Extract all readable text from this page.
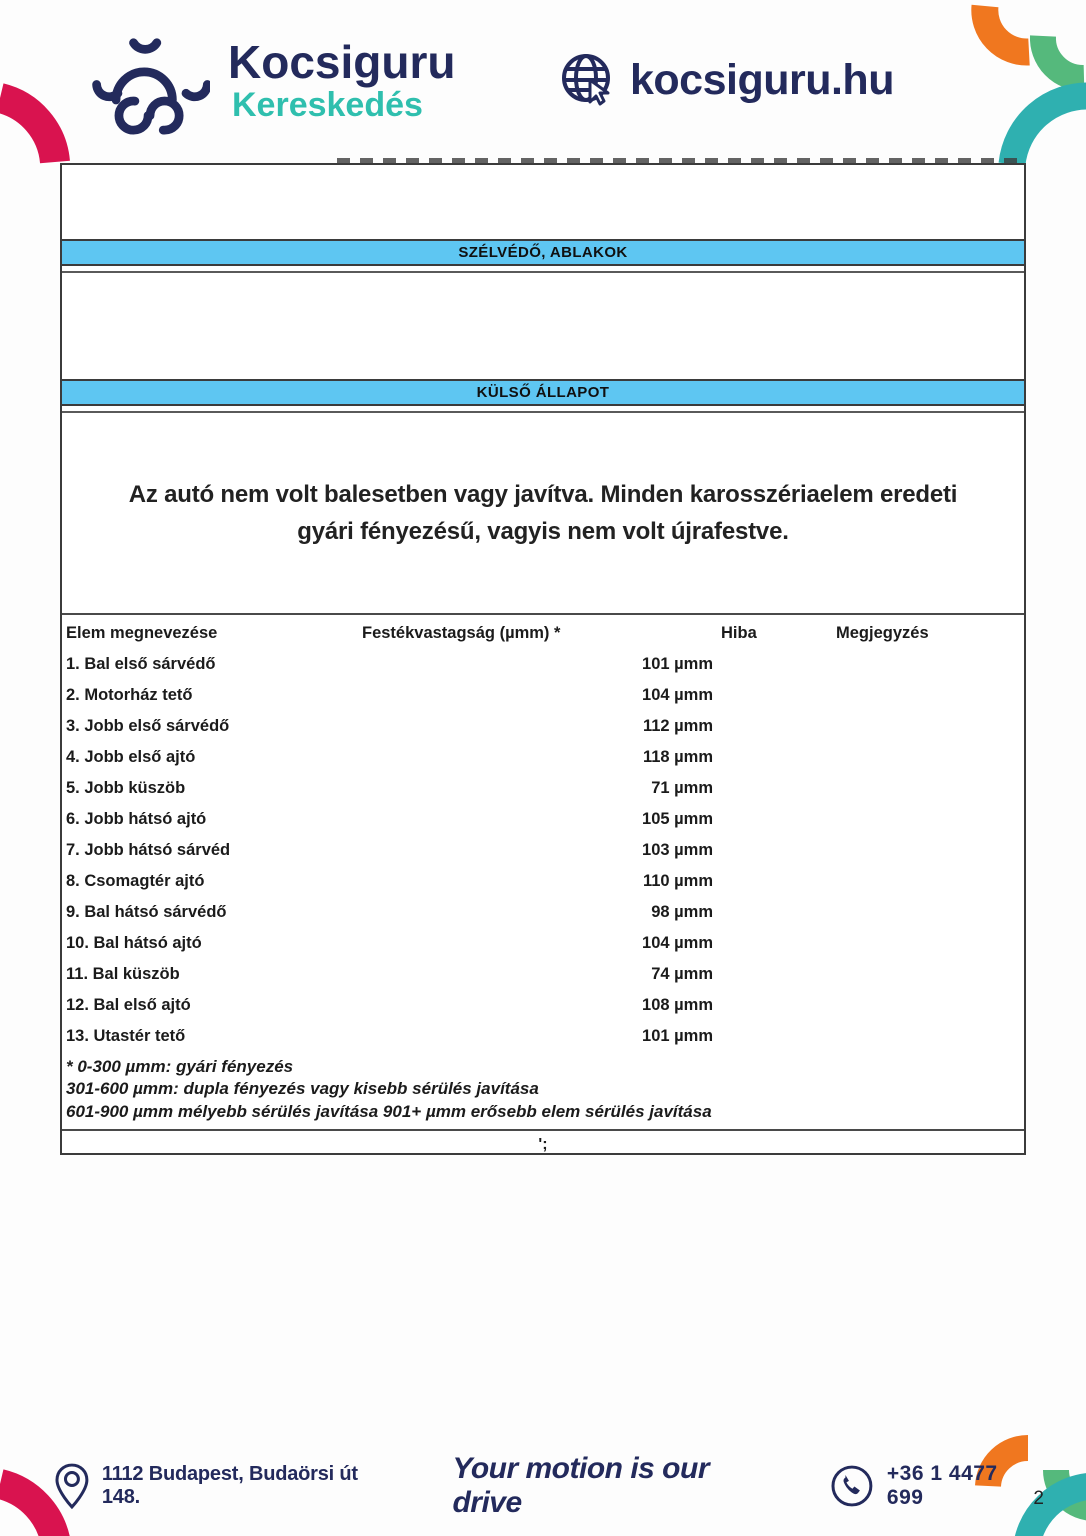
Kocsiguru
Kereskedés
kocsiguru.hu
SZÉLVÉDŐ, ABLAKOK
KÜLSŐ ÁLLAPOT
Az autó nem volt balesetben vagy javítva. Minden karosszériaelem eredeti gyári fényezésű, vagyis nem volt újrafestve.
Elem megnevezése	Festékvastagság (µmm) *	Hiba	Megjegyzés
1. Bal első sárvédő	101 µmm
2. Motorház tető	104 µmm
3. Jobb első sárvédő	112 µmm
4. Jobb első ajtó	118 µmm
5. Jobb küszöb	71 µmm
6. Jobb hátsó ajtó	105 µmm
7. Jobb hátsó sárvéd	103 µmm
8. Csomagtér ajtó	110 µmm
9. Bal hátsó sárvédő	98 µmm
10. Bal hátsó ajtó	104 µmm
11. Bal küszöb	74 µmm
12. Bal első ajtó	108 µmm
13. Utastér tető	101 µmm
* 0-300 µmm: gyári fényezés
301-600 µmm: dupla fényezés vagy kisebb sérülés javítása
601-900 µmm mélyebb sérülés javítása 901+ µmm erősebb elem sérülés javítása
';
1112 Budapest, Budaörsi út 148.
Your motion is our drive
+36 1 4477 699	2
